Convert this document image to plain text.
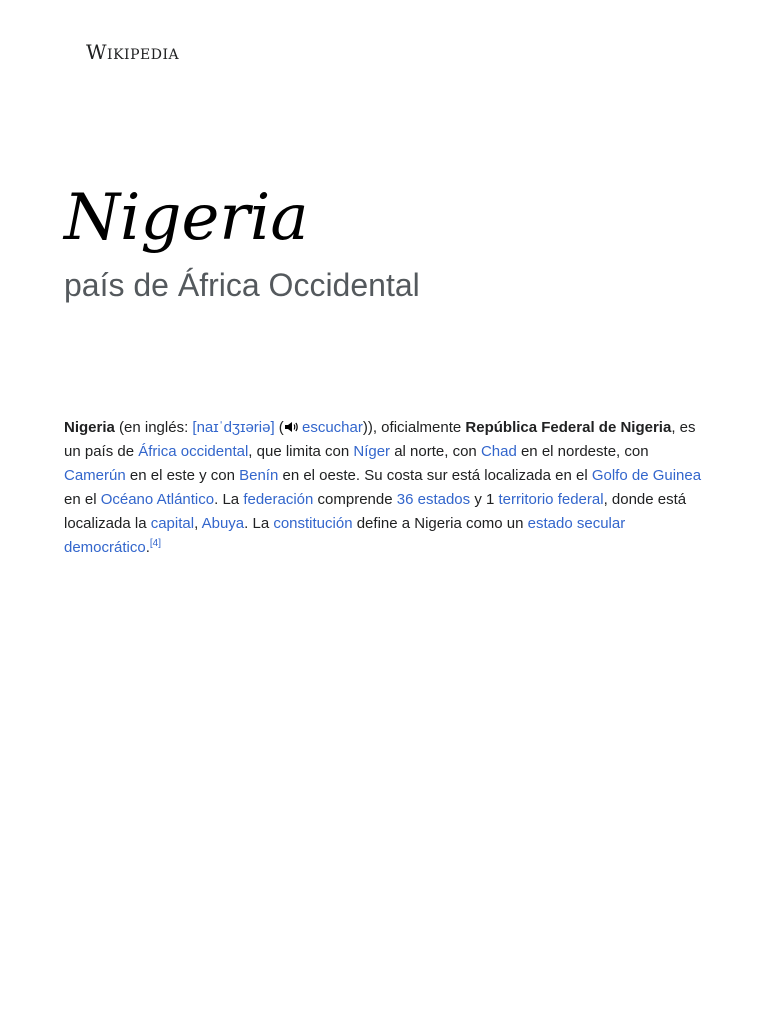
Wikipedia
Nigeria
país de África Occidental

Nigeria (en inglés: [naɪˈdʒɪəriə] ( escuchar)), oficialmente República Federal de Nigeria, es un país de África occidental, que limita con Níger al norte, con Chad en el nordeste, con Camerún en el este y con Benín en el oeste. Su costa sur está localizada en el Golfo de Guinea en el Océano Atlántico. La federación comprende 36 estados y 1 territorio federal, donde está localizada la capital, Abuya. La constitución define a Nigeria como un estado secular democrático.[4]
